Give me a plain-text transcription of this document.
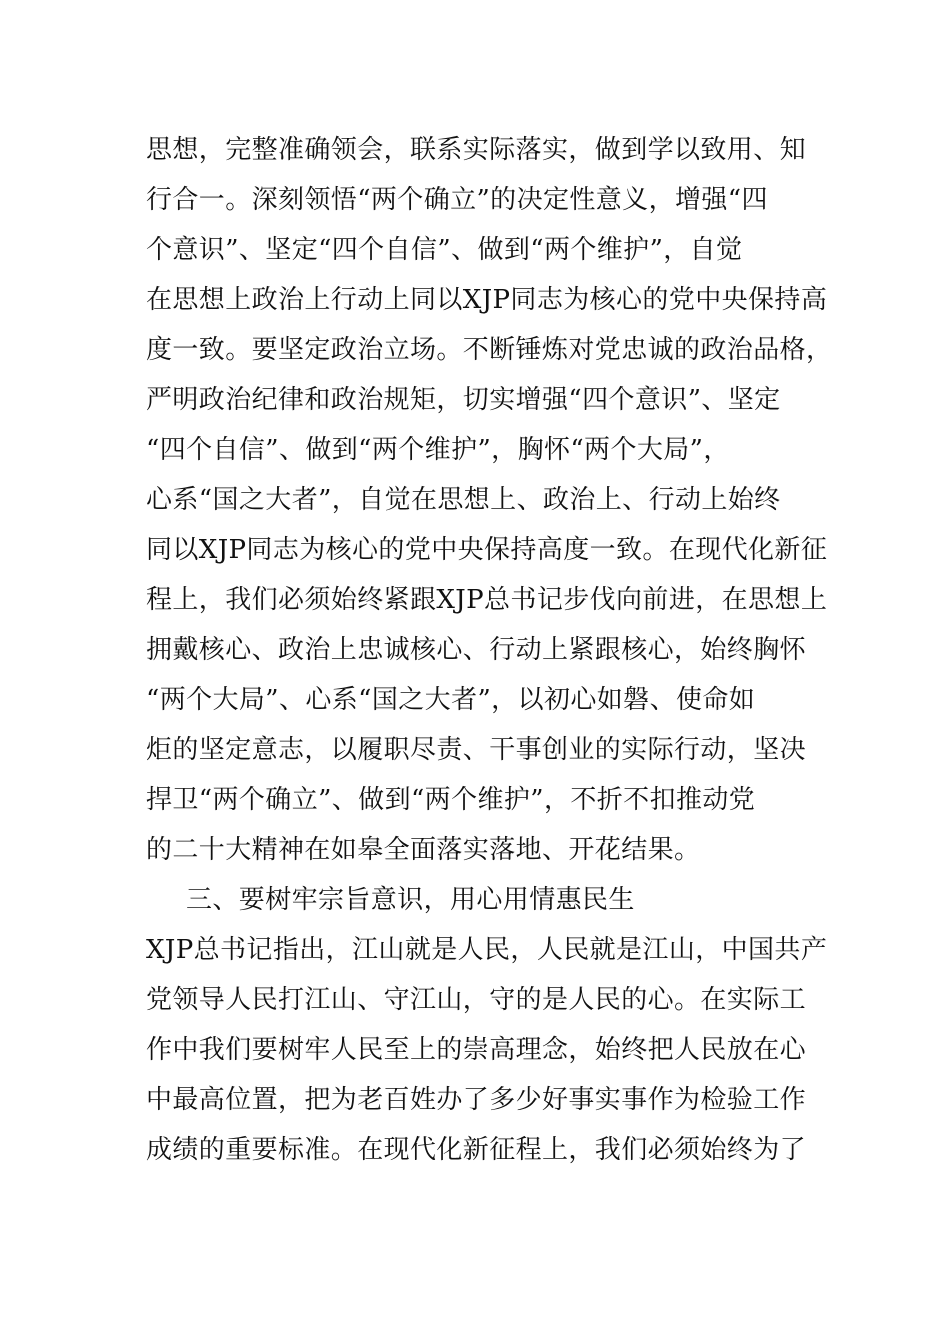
思想，完整准确领会，联系实际落实，做到学以致用、知
行合一。深刻领悟“两个确立”的决定性意义，增强“四
个意识”、坚定“四个自信”、做到“两个维护”，自觉
在思想上政治上行动上同以XJP同志为核心的党中央保持高
度一致。要坚定政治立场。不断锤炼对党忠诚的政治品格，
严明政治纪律和政治规矩，切实增强“四个意识”、坚定
“四个自信”、做到“两个维护”，胸怀“两个大局”，
心系“国之大者”，自觉在思想上、政治上、行动上始终
同以XJP同志为核心的党中央保持高度一致。在现代化新征
程上，我们必须始终紧跟XJP总书记步伐向前进，在思想上
拥戴核心、政治上忠诚核心、行动上紧跟核心，始终胸怀
“两个大局”、心系“国之大者”，以初心如磐、使命如
炬的坚定意志，以履职尽责、干事创业的实际行动，坚决
捍卫“两个确立”、做到“两个维护”，不折不扣推动党
的二十大精神在如皋全面落实落地、开花结果。
三、要树牢宗旨意识，用心用情惠民生
XJP总书记指出，江山就是人民，人民就是江山，中国共产
党领导人民打江山、守江山，守的是人民的心。在实际工
作中我们要树牢人民至上的崇高理念，始终把人民放在心
中最高位置，把为老百姓办了多少好事实事作为检验工作
成绩的重要标准。在现代化新征程上，我们必须始终为了
